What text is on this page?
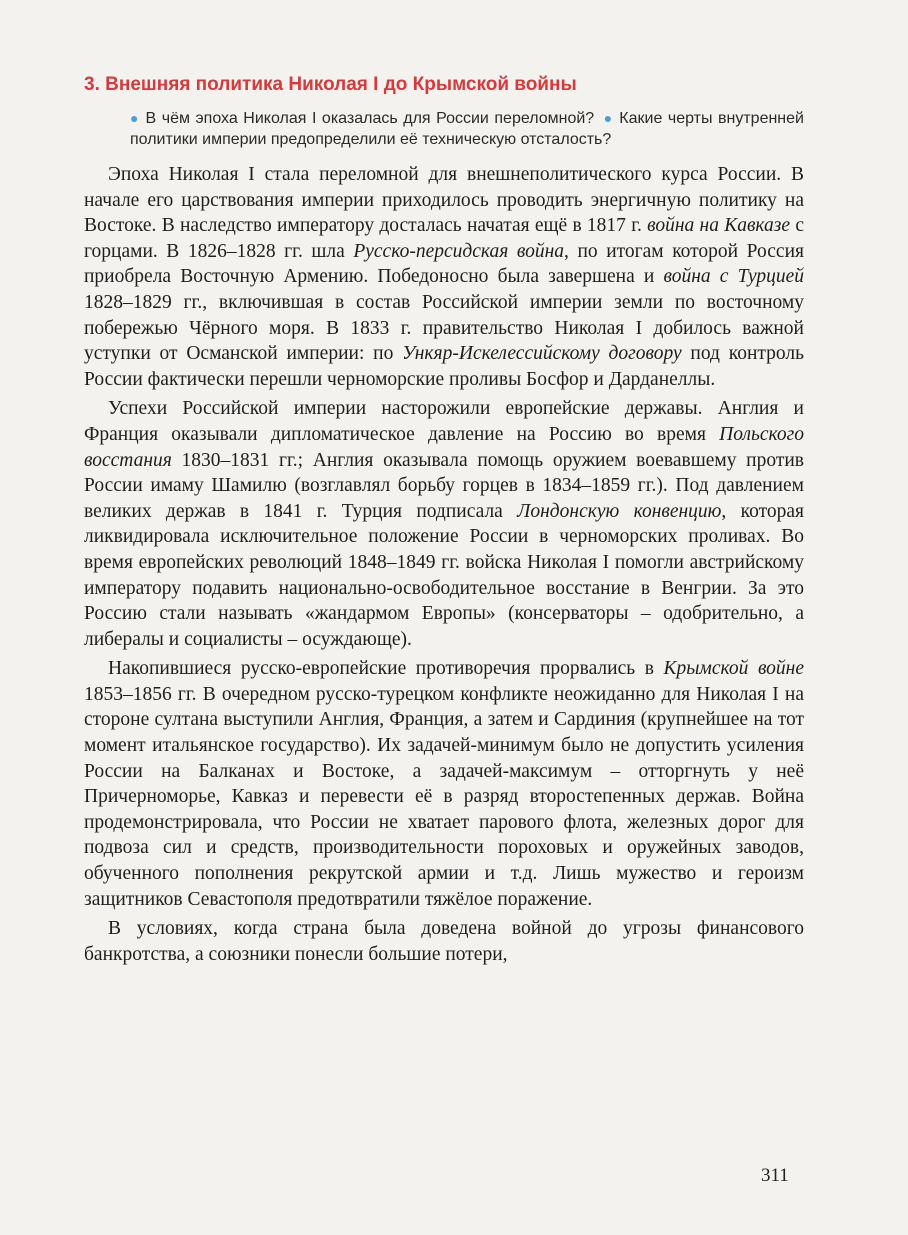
3. Внешняя политика Николая I до Крымской войны
● В чём эпоха Николая I оказалась для России переломной? ● Какие черты внутренней политики империи предопределили её техническую отсталость?

Эпоха Николая I стала переломной для внешнеполитического курса России. В начале его царствования империи приходилось проводить энергичную политику на Востоке. В наследство императору досталась начатая ещё в 1817 г. война на Кавказе с горцами. В 1826–1828 гг. шла Русско-персидская война, по итогам которой Россия приобрела Восточную Армению. Победоносно была завершена и война с Турцией 1828–1829 гг., включившая в состав Российской империи земли по восточному побережью Чёрного моря. В 1833 г. правительство Николая I добилось важной уступки от Османской империи: по Ункяр-Искелессийскому договору под контроль России фактически перешли черноморские проливы Босфор и Дарданеллы.

Успехи Российской империи насторожили европейские державы. Англия и Франция оказывали дипломатическое давление на Россию во время Польского восстания 1830–1831 гг.; Англия оказывала помощь оружием воевавшему против России имаму Шамилю (возглавлял борьбу горцев в 1834–1859 гг.). Под давлением великих держав в 1841 г. Турция подписала Лондонскую конвенцию, которая ликвидировала исключительное положение России в черноморских проливах. Во время европейских революций 1848–1849 гг. войска Николая I помогли австрийскому императору подавить национально-освободительное восстание в Венгрии. За это Россию стали называть «жандармом Европы» (консерваторы – одобрительно, а либералы и социалисты – осуждающе).

Накопившиеся русско-европейские противоречия прорвались в Крымской войне 1853–1856 гг. В очередном русско-турецком конфликте неожиданно для Николая I на стороне султана выступили Англия, Франция, а затем и Сардиния (крупнейшее на тот момент итальянское государство). Их задачей-минимум было не допустить усиления России на Балканах и Востоке, а задачей-максимум – отторгнуть у неё Причерноморье, Кавказ и перевести её в разряд второстепенных держав. Война продемонстрировала, что России не хватает парового флота, железных дорог для подвоза сил и средств, производительности пороховых и оружейных заводов, обученного пополнения рекрутской армии и т.д. Лишь мужество и героизм защитников Севастополя предотвратили тяжёлое поражение.

В условиях, когда страна была доведена войной до угрозы финансового банкротства, а союзники понесли большие потери,

311
